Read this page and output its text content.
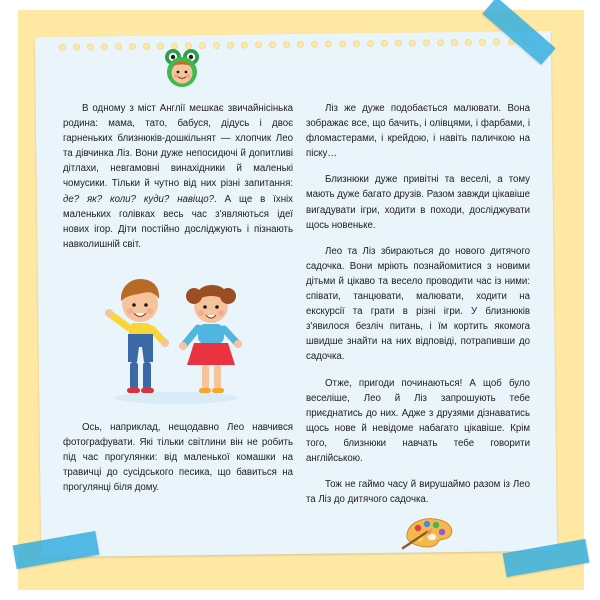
В одному з міст Англії мешкає звичайнісінька родина: мама, тато, бабуся, дідусь і двоє гарненьких близнюків-дошкільнят — хлопчик Лео та дівчинка Ліз. Вони дуже непосидючі й допитливі дітлахи, невгамовні винахідники й маленькі чомусики. Тільки й чутно від них різні запитання: де? як? коли? куди? навіщо?. А ще в їхніх маленьких голівках весь час з'являються ідеї нових ігор. Діти постійно досліджують і пізнають навколишній світ.

Ось, наприклад, нещодавно Лео навчився фотографувати. Які тільки світлини він не робить під час прогулянки: від маленької комашки на травичці до сусідського песика, що бавиться на прогулянці біля дому.

Ліз же дуже подобається малювати. Вона зображає все, що бачить, і олівцями, і фарбами, і фломастерами, і крейдою, і навіть паличкою на піску…

Близнюки дуже привітні та веселі, а тому мають дуже багато друзів. Разом завжди цікавіше вигадувати ігри, ходити в походи, досліджувати щось новеньке.

Лео та Ліз збираються до нового дитячого садочка. Вони мріють познайомитися з новими дітьми й цікаво та весело проводити час із ними: співати, танцювати, малювати, ходити на екскурсії та грати в різні ігри. У близнюків з'явилося безліч питань, і їм кортить якомога швидше знайти на них відповіді, потрапивши до садочка.

Отже, пригоди починаються! А щоб було веселіше, Лео й Ліз запрошують тебе приєднатись до них. Адже з друзями дізнаватись щось нове й невідоме набагато цікавіше. Крім того, близнюки навчать тебе говорити англійською.

Тож не гаймо часу й вирушаймо разом із Лео та Ліз до дитячого садочка.
